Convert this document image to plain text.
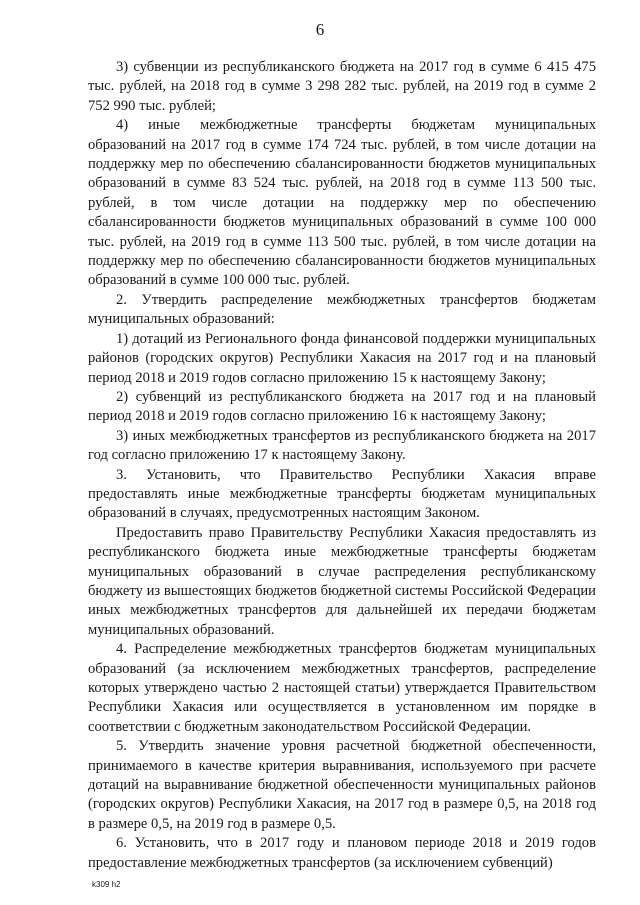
6

3) субвенции из республиканского бюджета на 2017 год в сумме 6 415 475 тыс. рублей, на 2018 год в сумме 3 298 282 тыс. рублей, на 2019 год в сумме 2 752 990 тыс. рублей;

4) иные межбюджетные трансферты бюджетам муниципальных образований на 2017 год в сумме 174 724 тыс. рублей, в том числе дотации на поддержку мер по обеспечению сбалансированности бюджетов муниципальных образований в сумме 83 524 тыс. рублей, на 2018 год в сумме 113 500 тыс. рублей, в том числе дотации на поддержку мер по обеспечению сбалансированности бюджетов муниципальных образований в сумме 100 000 тыс. рублей, на 2019 год в сумме 113 500 тыс. рублей, в том числе дотации на поддержку мер по обеспечению сбалансированности бюджетов муниципальных образований в сумме 100 000 тыс. рублей.

2. Утвердить распределение межбюджетных трансфертов бюджетам муниципальных образований:

1) дотаций из Регионального фонда финансовой поддержки муниципальных районов (городских округов) Республики Хакасия на 2017 год и на плановый период 2018 и 2019 годов согласно приложению 15 к настоящему Закону;

2) субвенций из республиканского бюджета на 2017 год и на плановый период 2018 и 2019 годов согласно приложению 16 к настоящему Закону;

3) иных межбюджетных трансфертов из республиканского бюджета на 2017 год согласно приложению 17 к настоящему Закону.

3. Установить, что Правительство Республики Хакасия вправе предоставлять иные межбюджетные трансферты бюджетам муниципальных образований в случаях, предусмотренных настоящим Законом.

Предоставить право Правительству Республики Хакасия предоставлять из республиканского бюджета иные межбюджетные трансферты бюджетам муниципальных образований в случае распределения республиканскому бюджету из вышестоящих бюджетов бюджетной системы Российской Федерации иных межбюджетных трансфертов для дальнейшей их передачи бюджетам муниципальных образований.

4. Распределение межбюджетных трансфертов бюджетам муниципальных образований (за исключением межбюджетных трансфертов, распределение которых утверждено частью 2 настоящей статьи) утверждается Правительством Республики Хакасия или осуществляется в установленном им порядке в соответствии с бюджетным законодательством Российской Федерации.

5. Утвердить значение уровня расчетной бюджетной обеспеченности, принимаемого в качестве критерия выравнивания, используемого при расчете дотаций на выравнивание бюджетной обеспеченности муниципальных районов (городских округов) Республики Хакасия, на 2017 год в размере 0,5, на 2018 год в размере 0,5, на 2019 год в размере 0,5.

6. Установить, что в 2017 году и плановом периоде 2018 и 2019 годов предоставление межбюджетных трансфертов (за исключением субвенций)

k309 h2
